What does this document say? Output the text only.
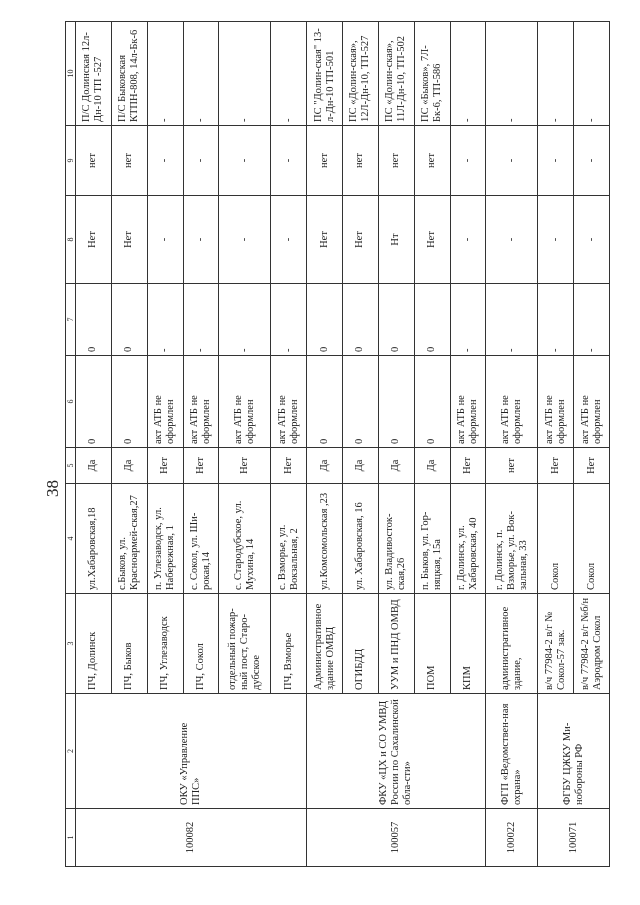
38
1	2	3	4	5	6	7	8	9	10
100082	ОКУ «Управление ППС»	ПЧ, Долинск	ул.Хабаровская,18	Да	0	0	Нет	нет	П/С Долинская 12л-Дн-10 ТП -527
		ПЧ, Быков	с.Быков, ул. Красноармей-ская,27	Да	0	0	Нет	нет	П/С Быковская КТПН-808, 14л-Бк-6
		ПЧ, Углезаводск	п. Углезаводск, ул. Набережная, 1	Нет	акт АТБ не оформлен	-	-	-	-
		ПЧ, Сокол	с. Сокол, ул. Ши-рокая,14	Нет	акт АТБ не оформлен	-	-	-	-
		отдельный пожар-ный пост, Старо-дубское	с. Стародубское, ул. Мухина, 14	Нет	акт АТБ не оформлен	-	-	-	-
		ПЧ, Взморье	с. Взморье, ул. Вокзальная, 2	Нет	акт АТБ не оформлен	-	-	-	-
100057	ФКУ «ЦХ и СО УМВД России по Сахалинской обла-сти»	Административное здание ОМВД	ул.Комсомольская ,23	Да	0	0	Нет	нет	ПС "Долин-ская" 13-л-Дн-10 ТП-501
		ОГИБДД	ул. Хабаровская, 16	Да	0	0	Нет	нет	ПС «Долин-ская», 12Л-Дн-10, ТП-527
		УУМ и ПНД ОМВД	ул. Владивосток-ская,26	Да	0	0	Нт	нет	ПС «Долин-ская», 11Л-Дн-10, ТП-502
		ПОМ	п. Быков, ул. Гор-няцкая, 15а	Да	0	0	Нет	нет	ПС «Быков», 7Л-Бк-6, ТП-586
		КПМ	г. Долинск, ул. Хабаровская, 40	Нет	акт АТБ не оформлен	-	-	-	-
100022	ФГП «Ведомствен-ная охрана»	административное здание,	г. Долинск, п. Взморье, ул. Вок-зальная, 33	нет	акт АТБ не оформлен	-	-	-	-
100071	ФГБУ ЦЖКУ Ми-нобороны РФ	в/ч 77984-2 в/г № Сокол-57 зак.	Сокол	Нет	акт АТБ не оформлен	-	-	-	-
		в/ч 77984-2 в/г №б/н Аэродром Сокол	Сокол	Нет	акт АТБ не оформлен	-	-	-	-
